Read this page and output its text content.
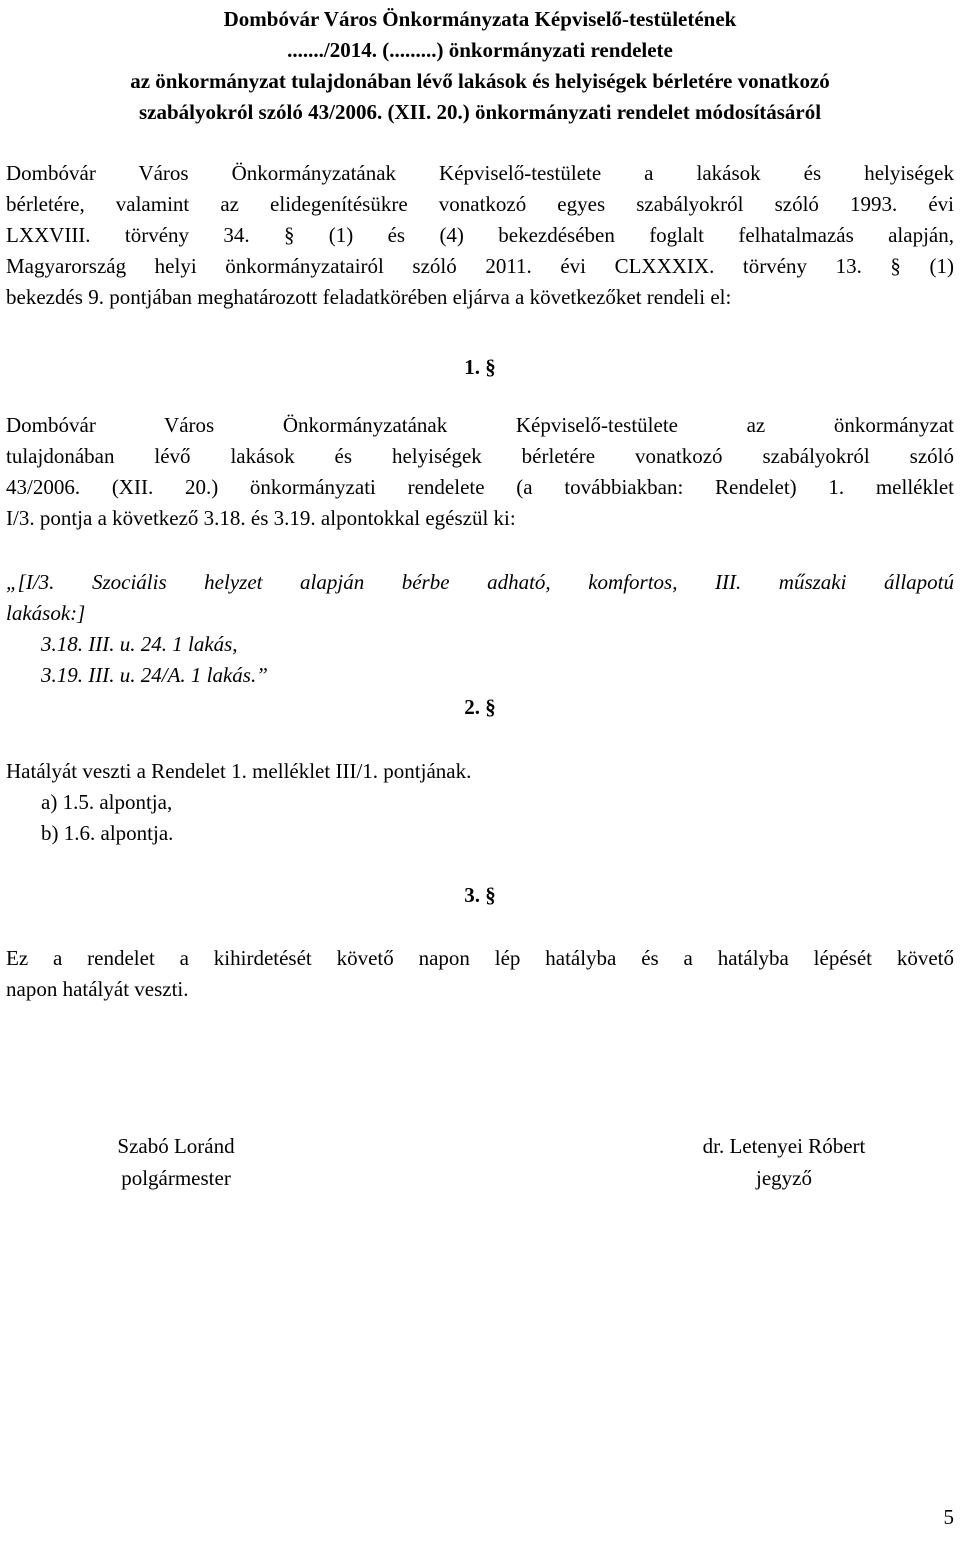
Dombóvár Város Önkormányzata Képviselő-testületének
......./2014. (.........) önkormányzati rendelete
az önkormányzat tulajdonában lévő lakások és helyiségek bérletére vonatkozó
szabályokról szóló 43/2006. (XII. 20.) önkormányzati rendelet módosításáról
Dombóvár Város Önkormányzatának Képviselő-testülete a lakások és helyiségek
bérletére, valamint az elidegenítésükre vonatkozó egyes szabályokról szóló 1993. évi
LXXVIII. törvény 34. § (1) és (4) bekezdésében foglalt felhatalmazás alapján,
Magyarország helyi önkormányzatairól szóló 2011. évi CLXXXIX. törvény 13. § (1)
bekezdés 9. pontjában meghatározott feladatkörében eljárva a következőket rendeli el:
1. §
Dombóvár Város Önkormányzatának Képviselő-testülete az önkormányzat
tulajdonában lévő lakások és helyiségek bérletére vonatkozó szabályokról szóló
43/2006. (XII. 20.) önkormányzati rendelete (a továbbiakban: Rendelet) 1. melléklet
I/3. pontja a következő 3.18. és 3.19. alpontokkal egészül ki:
„[I/3. Szociális helyzet alapján bérbe adható, komfortos, III. műszaki állapotú
lakások:]
3.18. III. u. 24. 1 lakás,
3.19. III. u. 24/A. 1 lakás.”
2. §
Hatályát veszti a Rendelet 1. melléklet III/1. pontjának.
a) 1.5. alpontja,
b) 1.6. alpontja.
3. §
Ez a rendelet a kihirdetését követő napon lép hatályba és a hatályba lépését követő
napon hatályát veszti.
Szabó Loránd
polgármester
dr. Letenyei Róbert
jegyző
5
